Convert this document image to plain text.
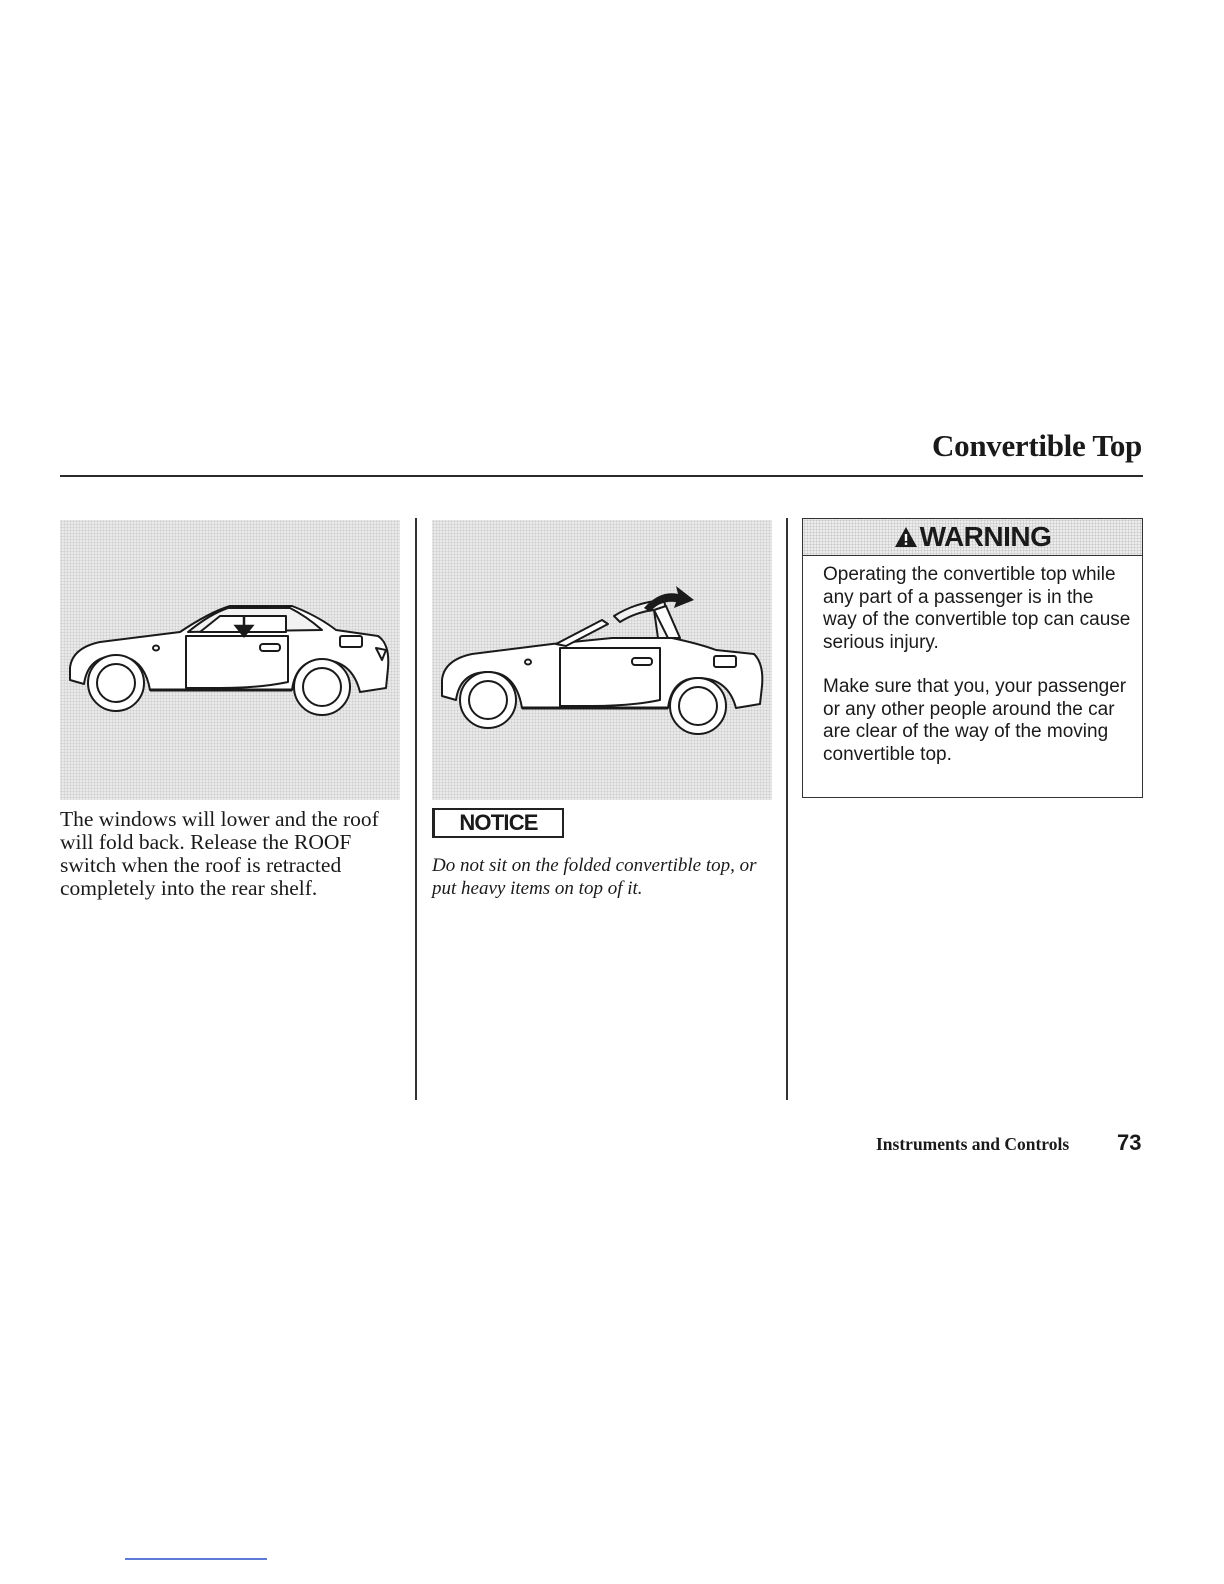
Convertible Top

The windows will lower and the roof will fold back. Release the ROOF switch when the roof is retracted completely into the rear shelf.

NOTICE

Do not sit on the folded convertible top, or put heavy items on top of it.

WARNING

Operating the convertible top while any part of a passenger is in the way of the convertible top can cause serious injury.

Make sure that you, your passenger or any other people around the car are clear of the way of the moving convertible top.

Instruments and Controls 73
